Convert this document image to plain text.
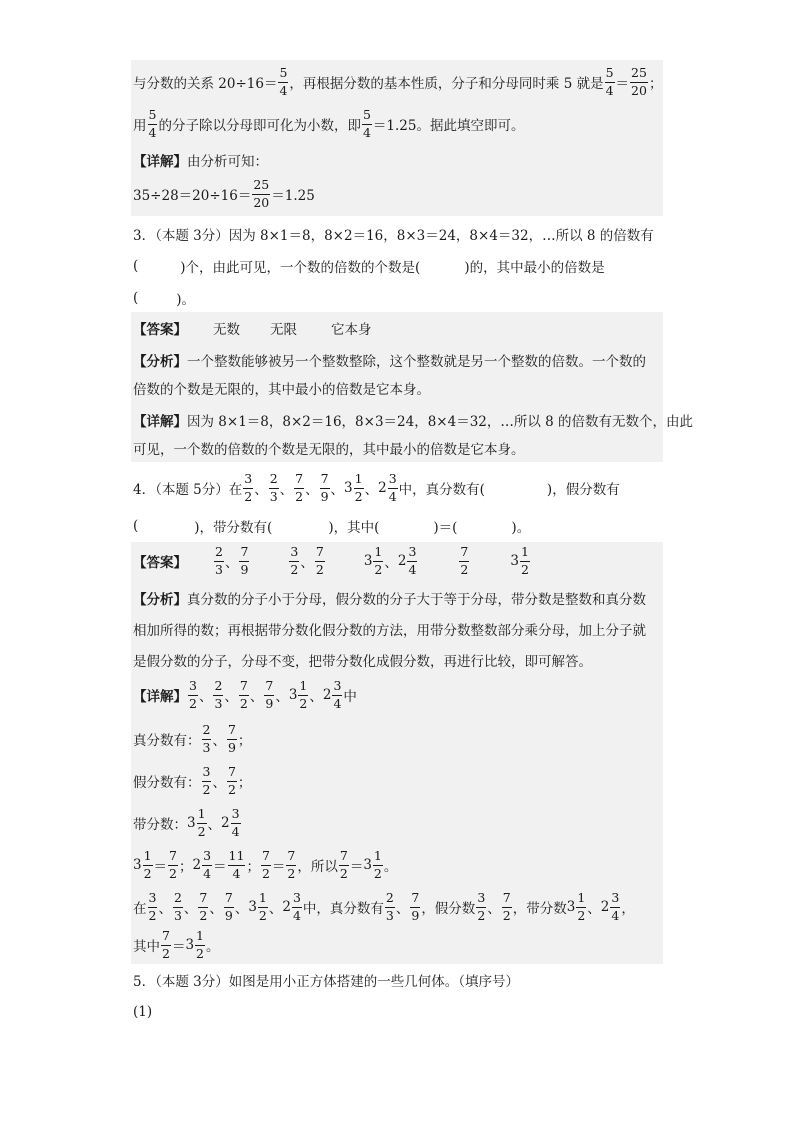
与分数的关系 $20\div 16= \frac{5}{4}$ ，再根据分数的基本性质，分子和分母同时乘 5 就是 $\frac{5}{4} = \frac{25}{20}$ ；
用 $\frac{5}{4}$ 的分子除以分母即可化为小数，即 $\frac{5}{4} =1.25$。据此填空即可。
【详解】 由分析可知：
$35\div 28=20\div 16= \frac{25}{20} =1.25$
3．（本题 3分）因为 8×1＝8，8×2＝16，8×3＝24，8×4＝32，…所以 8 的倍数有
(	)个，由此可见，一个数的倍数的个数是(	)的，其中最小的倍数是
(	)。
【答案】 无数 无限	它本身
【分析】 一个整数能够被另一个整数整除，这个整数就是另一个整数的倍数。一个数的
倍数的个数是无限的，其中最小的倍数是它本身。
【详解】 因为 8×1＝8，8×2＝16，8×3＝24，8×4＝32，…所以 8 的倍数有无数个，由此
可见，一个数的倍数的个数是无限的，其中最小的倍数是它本身。
4．（本题 5分）在 $\frac{3}{2}$ 、 $\frac{2}{3}$ 、 $\frac{7}{2}$ 、 $\frac{7}{9}$ 、 $3 \frac{1}{2}$ 、 $2 \frac{3}{4}$ 中，真分数有(	)，假分数有
(	)，带分数有(	)，其中(	)＝(	)。
【答案】 $\frac{2}{3}$ 、 $\frac{7}{9}$	$\frac{3}{2}$ 、 $\frac{7}{2}$	$3 \frac{1}{2}$ 、 $2 \frac{3}{4}$	$\frac{7}{2}$	$3 \frac{1}{2}$
【分析】 真分数的分子小于分母，假分数的分子大于等于分母，带分数是整数和真分数
相加所得的数；再根据带分数化假分数的方法，用带分数整数部分乘分母，加上分子就
是假分数的分子，分母不变，把带分数化成假分数，再进行比较，即可解答。
【详解】 $\frac{3}{2}$ 、 $\frac{2}{3}$ 、 $\frac{7}{2}$ 、 $\frac{7}{9}$ 、 $3 \frac{1}{2}$ 、 $2 \frac{3}{4}$ 中
真分数有： $\frac{2}{3}$ 、 $\frac{7}{9}$ ；
假分数有： $\frac{3}{2}$ 、 $\frac{7}{2}$ ；
带分数： $3 \frac{1}{2}$ 、 $2 \frac{3}{4}$
$3 \frac{1}{2} = \frac{7}{2}$ ； $2 \frac{3}{4} = \frac{11}{4}$ ； $\frac{7}{2} = \frac{7}{2}$ ，所以 $\frac{7}{2} = 3 \frac{1}{2}$ 。
在 $\frac{3}{2}$ 、 $\frac{2}{3}$ 、 $\frac{7}{2}$ 、 $\frac{7}{9}$ 、 $3 \frac{1}{2}$ 、 $2 \frac{3}{4}$ 中，真分数有 $\frac{2}{3}$ 、 $\frac{7}{9}$ ，假分数 $\frac{3}{2}$ 、 $\frac{7}{2}$ ，带分数 $3 \frac{1}{2}$ 、 $2 \frac{3}{4}$ ，
其中 $\frac{7}{2} = 3 \frac{1}{2}$ 。
5．（本题 3分）如图是用小正方体搭建的一些几何体。（填序号）
(1)
